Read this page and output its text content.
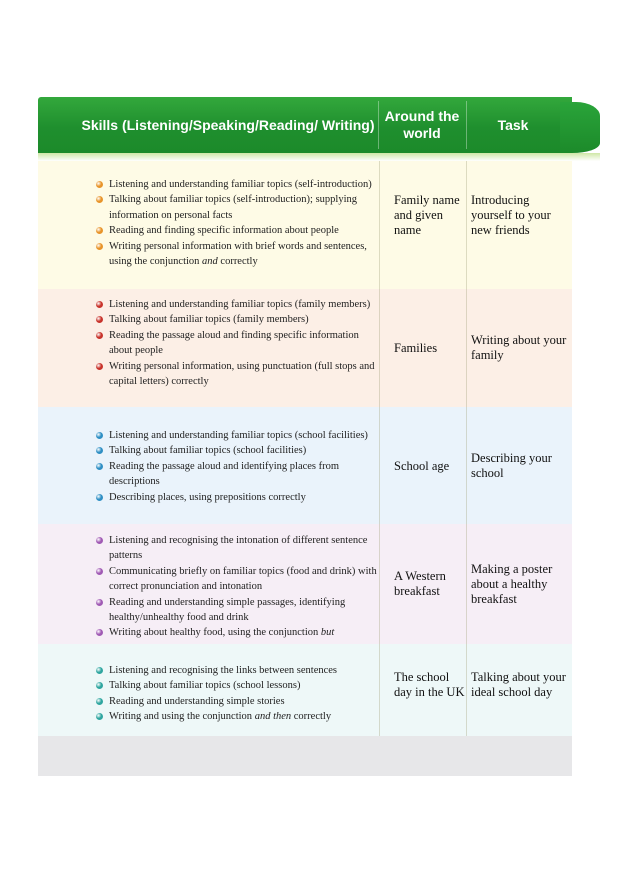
Skills (Listening/Speaking/Reading/ Writing)
Around the world
Task
Listening and understanding familiar topics (self-introduction)
Talking about familiar topics (self-introduction); supplying information on personal facts
Reading and finding specific information about people
Writing personal information with brief words and sentences, using the conjunction and correctly
Family name and given name
Introducing yourself to your new friends
Listening and understanding familiar topics (family members)
Talking about familiar topics (family members)
Reading the passage aloud and finding specific information about people
Writing personal information, using punctuation (full stops and capital letters) correctly
Families
Writing about your family
Listening and understanding familiar topics (school facilities)
Talking about familiar topics (school facilities)
Reading the passage aloud and identifying places from descriptions
Describing places, using prepositions correctly
School age
Describing your school
Listening and recognising the intonation of different sentence patterns
Communicating briefly on familiar topics (food and drink) with correct pronunciation and intonation
Reading and understanding simple passages, identifying healthy/unhealthy food and drink
Writing about healthy food, using the conjunction but
A Western breakfast
Making a poster about a healthy breakfast
Listening and recognising the links between sentences
Talking about familiar topics (school lessons)
Reading and understanding simple stories
Writing and using the conjunction and then correctly
The school day in the UK
Talking about your ideal school day
